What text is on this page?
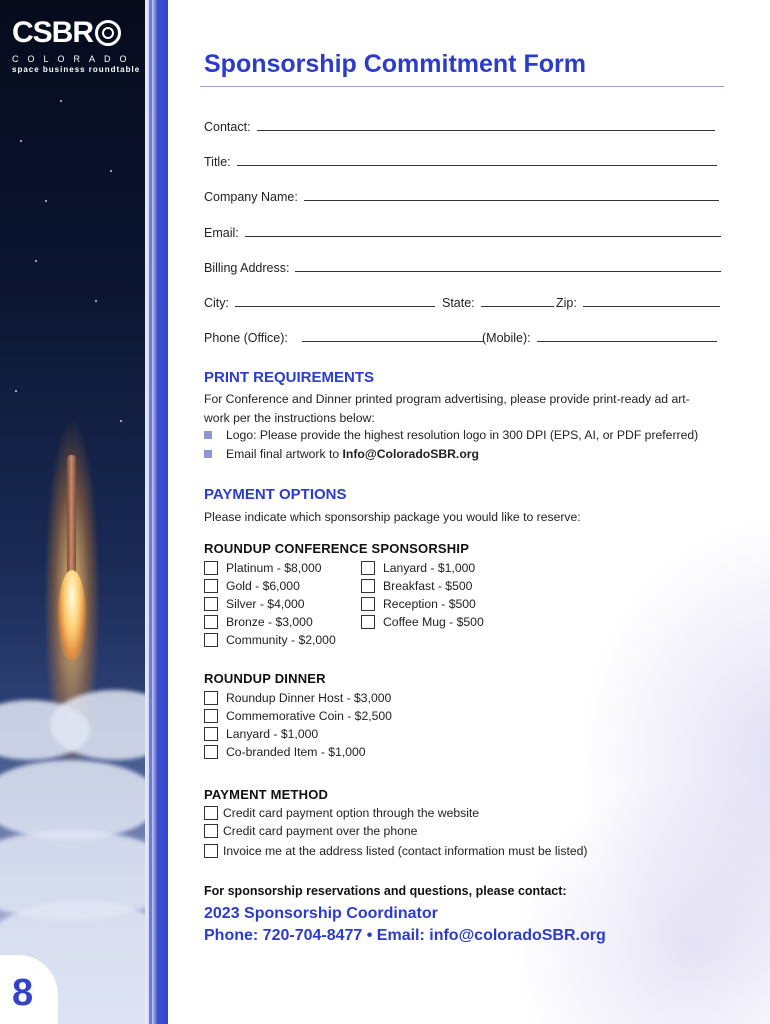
CSBR
COLORADO
space business roundtable
8
Sponsorship Commitment Form
Contact:
Title:
Company Name:
Email:
Billing Address:
City:	State:	Zip:
Phone (Office):	(Mobile):
PRINT REQUIREMENTS
For Conference and Dinner printed program advertising, please provide print-ready ad art-
work per the instructions below:
Logo: Please provide the highest resolution logo in 300 DPI (EPS, AI, or PDF preferred)
Email final artwork to Info@ColoradoSBR.org
PAYMENT OPTIONS
Please indicate which sponsorship package you would like to reserve:
ROUNDUP CONFERENCE SPONSORSHIP
Platinum - $8,000
Gold - $6,000
Silver - $4,000
Bronze - $3,000
Community - $2,000
Lanyard - $1,000
Breakfast - $500
Reception - $500
Coffee Mug - $500
ROUNDUP DINNER
Roundup Dinner Host - $3,000
Commemorative Coin - $2,500
Lanyard - $1,000
Co-branded Item - $1,000
PAYMENT METHOD
Credit card payment option through the website
Credit card payment over the phone
Invoice me at the address listed (contact information must be listed)
For sponsorship reservations and questions, please contact:
2023 Sponsorship Coordinator
Phone: 720-704-8477 • Email: info@coloradoSBR.org
